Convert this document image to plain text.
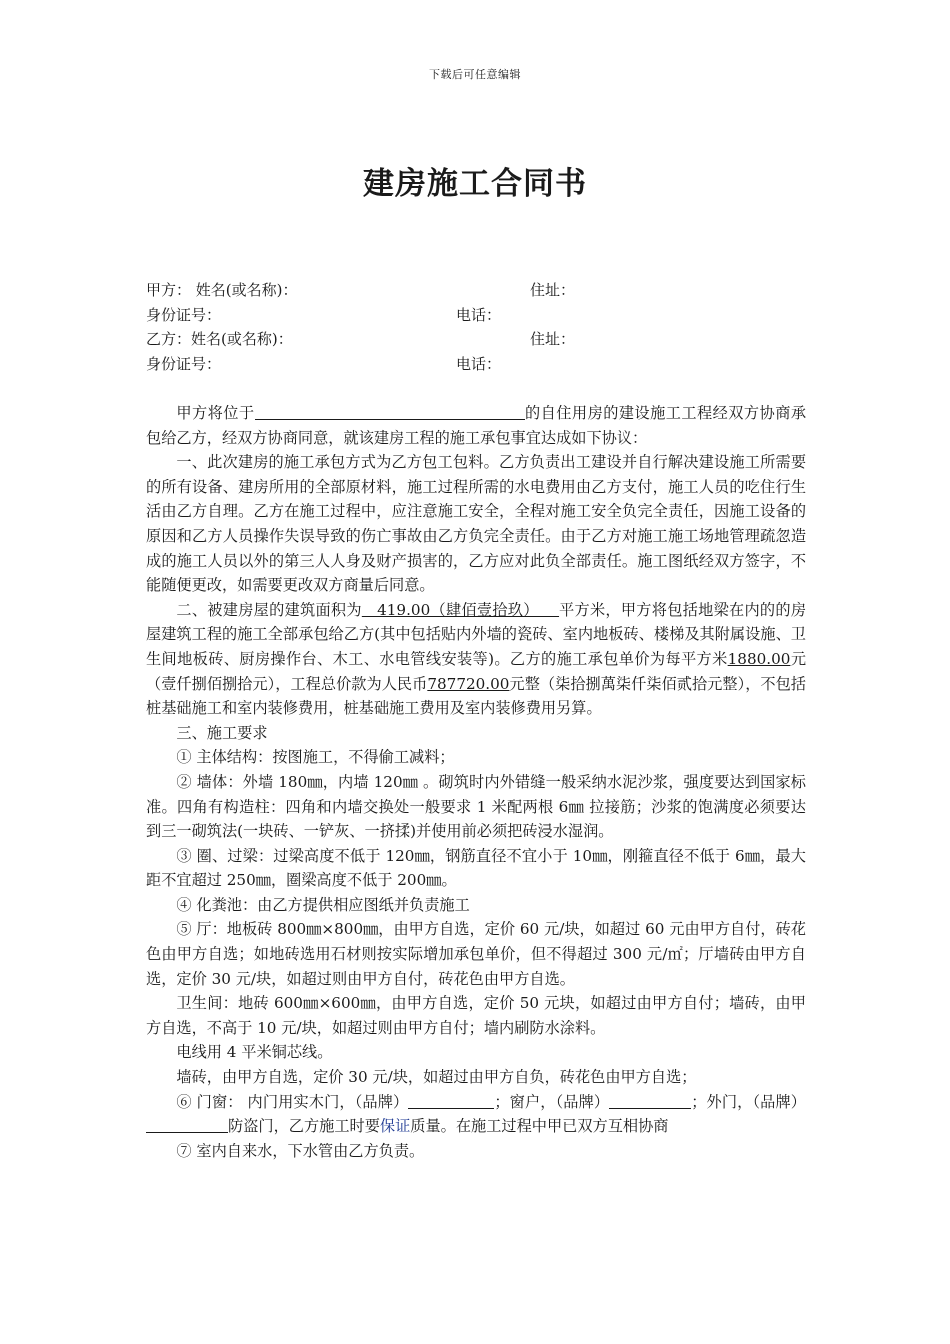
下载后可任意编辑
建房施工合同书
甲方： 姓名(或名称)：	住址：
身份证号：	电话：
乙方：姓名(或名称)：	住址：
身份证号：	电话：

甲方将位于	的自住用房的建设施工工程经双方协商承包给乙方，经双方协商同意，就该建房工程的施工承包事宜达成如下协议：

一、此次建房的施工承包方式为乙方包工包料。乙方负责出工建设并自行解决建设施工所需要的所有设备、建房所用的全部原材料，施工过程所需的水电费用由乙方支付，施工人员的吃住行生活由乙方自理。乙方在施工过程中，应注意施工安全，全程对施工安全负完全责任，因施工设备的原因和乙方人员操作失误导致的伤亡事故由乙方负完全责任。由于乙方对施工施工场地管理疏忽造成的施工人员以外的第三人人身及财产损害的，乙方应对此负全部责任。施工图纸经双方签字，不能随便更改，如需要更改双方商量后同意。

二、被建房屋的建筑面积为   419.00（肆佰壹拾玖）    平方米，甲方将包括地梁在内的的房屋建筑工程的施工全部承包给乙方(其中包括贴内外墙的瓷砖、室内地板砖、楼梯及其附属设施、卫生间地板砖、厨房操作台、木工、水电管线安装等)。乙方的施工承包单价为每平方米1880.00元（壹仟捌佰捌拾元），工程总价款为人民币787720.00元整（柒拾捌萬柒仟柒佰贰拾元整），不包括桩基础施工和室内装修费用，桩基础施工费用及室内装修费用另算。

三、施工要求

① 主体结构：按图施工，不得偷工减料；

② 墙体：外墙 180㎜，内墙 120㎜ 。砌筑时内外错缝一般采纳水泥沙浆，强度要达到国家标准。四角有构造柱：四角和内墙交换处一般要求 1 米配两根 6㎜ 拉接筋；沙浆的饱满度必须要达到三一砌筑法(一块砖、一铲灰、一挤揉)并使用前必须把砖浸水湿润。

③ 圈、过梁：过梁高度不低于 120㎜，钢筋直径不宜小于 10㎜，刚箍直径不低于 6㎜，最大距不宜超过 250㎜，圈梁高度不低于 200㎜。

④ 化粪池：由乙方提供相应图纸并负责施工

⑤ 厅：地板砖 800㎜×800㎜，由甲方自选，定价 60 元/块，如超过 60 元由甲方自付，砖花色由甲方自选；如地砖选用石材则按实际增加承包单价，但不得超过 300 元/㎡；厅墙砖由甲方自选，定价 30 元/块，如超过则由甲方自付，砖花色由甲方自选。

卫生间：地砖 600㎜×600㎜，由甲方自选，定价 50 元块，如超过由甲方自付；墙砖，由甲方自选，不高于 10 元/块，如超过则由甲方自付；墙内刷防水涂料。

电线用 4 平米铜芯线。

墙砖，由甲方自选，定价 30 元/块，如超过由甲方自负，砖花色由甲方自选；

⑥ 门窗： 内门用实木门，（品牌）	；窗户，（品牌）	；外门，（品牌）防盗门，乙方施工时要保证质量。在施工过程中甲已双方互相协商

⑦ 室内自来水，下水管由乙方负责。
